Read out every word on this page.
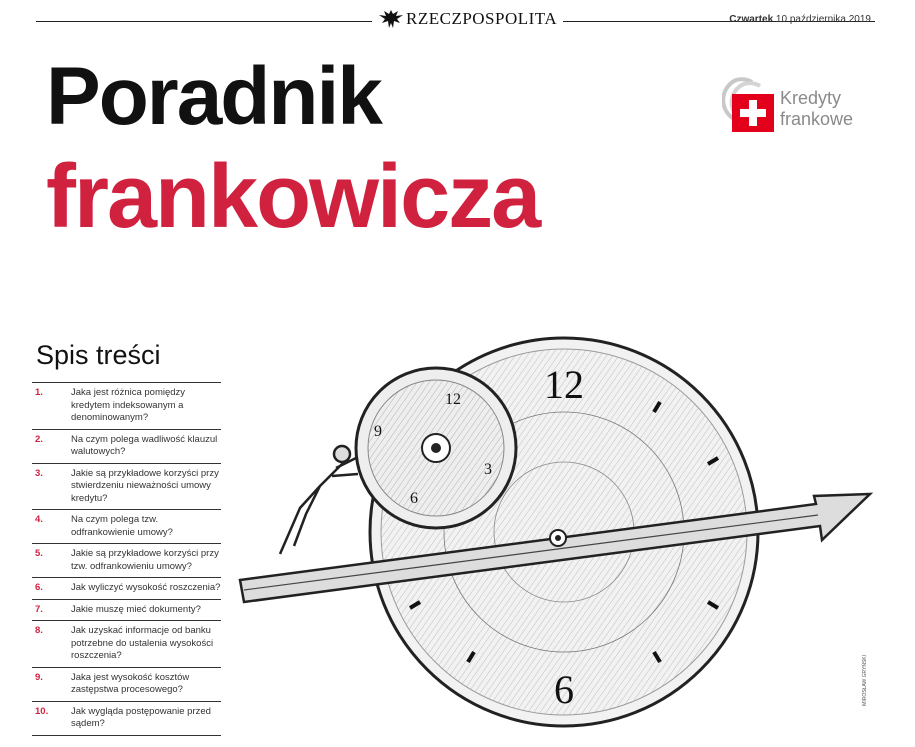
RZECZPOSPOLITA	Czwartek 10 października 2019
Poradnik
frankowicza
Kredyty
frankowe
Spis treści
1.	Jaka jest różnica pomiędzy kredytem indeksowanym a denominowanym?
2.	Na czym polega wadliwość klauzul walutowych?
3.	Jakie są przykładowe korzyści przy stwierdzeniu nieważności umowy kredytu?
4.	Na czym polega tzw. odfrankowienie umowy?
5.	Jakie są przykładowe korzyści przy tzw. odfrankowieniu umowy?
6.	Jak wyliczyć wysokość roszczenia?
7.	Jakie muszę mieć dokumenty?
8.	Jak uzyskać informacje od banku potrzebne do ustalenia wysokości roszczenia?
9.	Jaka jest wysokość kosztów zastępstwa procesowego?
10.	Jak wygląda postępowanie przed sądem?
12
6
12
9
3
6
MIROSŁAW GRYŃSKI
